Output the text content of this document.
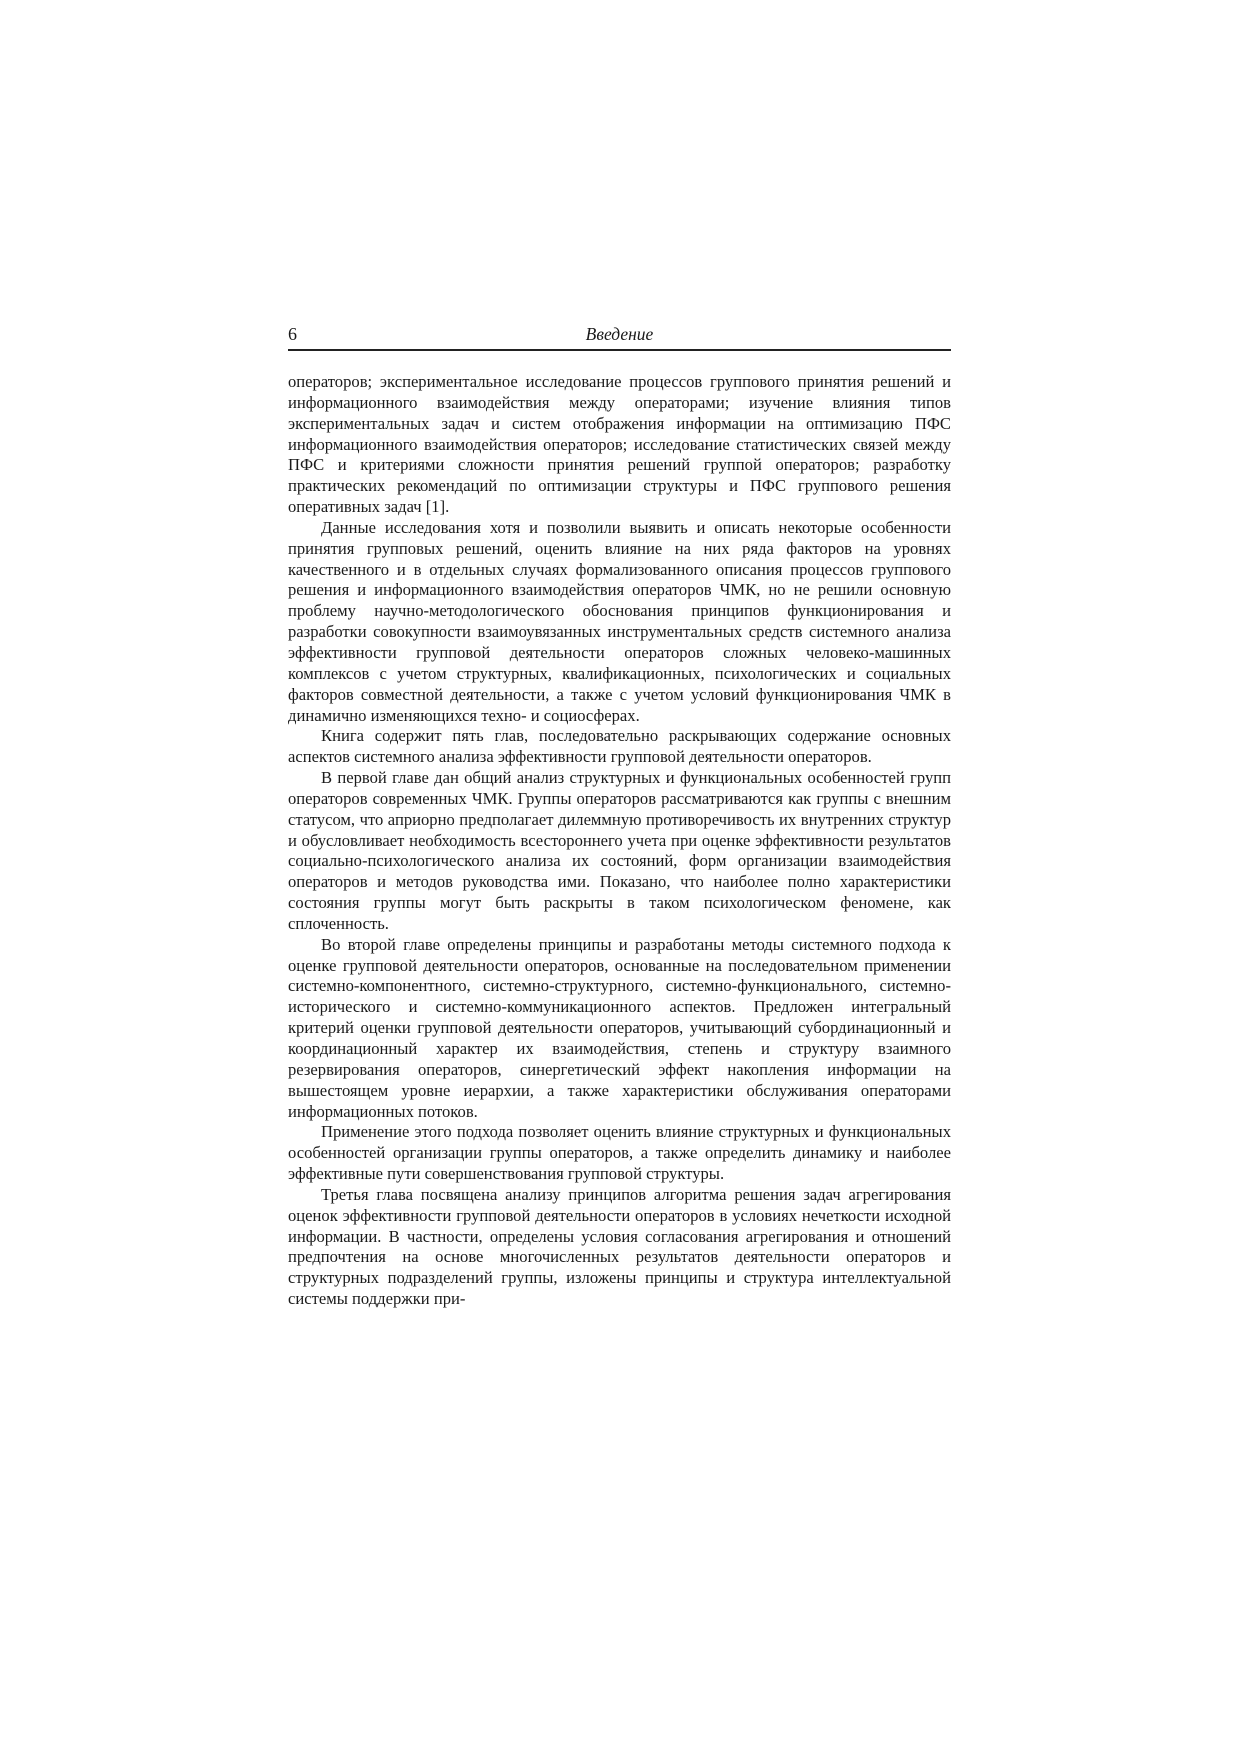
6	Введение

операторов; экспериментальное исследование процессов группового принятия решений и информационного взаимодействия между операторами; изучение влияния типов экспериментальных задач и систем отображения информации на оптимизацию ПФС информационного взаимодействия операторов; исследование статистических связей между ПФС и критериями сложности принятия решений группой операторов; разработку практических рекомендаций по оптимизации структуры и ПФС группового решения оперативных задач [1].

Данные исследования хотя и позволили выявить и описать некоторые особенности принятия групповых решений, оценить влияние на них ряда факторов на уровнях качественного и в отдельных случаях формализованного описания процессов группового решения и информационного взаимодействия операторов ЧМК, но не решили основную проблему научно-методологического обоснования принципов функционирования и разработки совокупности взаимоувязанных инструментальных средств системного анализа эффективности групповой деятельности операторов сложных человеко-машинных комплексов с учетом структурных, квалификационных, психологических и социальных факторов совместной деятельности, а также с учетом условий функционирования ЧМК в динамично изменяющихся техно- и социосферах.

Книга содержит пять глав, последовательно раскрывающих содержание основных аспектов системного анализа эффективности групповой деятельности операторов.

В первой главе дан общий анализ структурных и функциональных особенностей групп операторов современных ЧМК. Группы операторов рассматриваются как группы с внешним статусом, что априорно предполагает дилеммную противоречивость их внутренних структур и обусловливает необходимость всестороннего учета при оценке эффективности результатов социально-психологического анализа их состояний, форм организации взаимодействия операторов и методов руководства ими. Показано, что наиболее полно характеристики состояния группы могут быть раскрыты в таком психологическом феномене, как сплоченность.

Во второй главе определены принципы и разработаны методы системного подхода к оценке групповой деятельности операторов, основанные на последовательном применении системно-компонентного, системно-структурного, системно-функционального, системно-исторического и системно-коммуникационного аспектов. Предложен интегральный критерий оценки групповой деятельности операторов, учитывающий субординационный и координационный характер их взаимодействия, степень и структуру взаимного резервирования операторов, синергетический эффект накопления информации на вышестоящем уровне иерархии, а также характеристики обслуживания операторами информационных потоков.

Применение этого подхода позволяет оценить влияние структурных и функциональных особенностей организации группы операторов, а также определить динамику и наиболее эффективные пути совершенствования групповой структуры.

Третья глава посвящена анализу принципов алгоритма решения задач агрегирования оценок эффективности групповой деятельности операторов в условиях нечеткости исходной информации. В частности, определены условия согласования агрегирования и отношений предпочтения на основе многочисленных результатов деятельности операторов и структурных подразделений группы, изложены принципы и структура интеллектуальной системы поддержки при-
